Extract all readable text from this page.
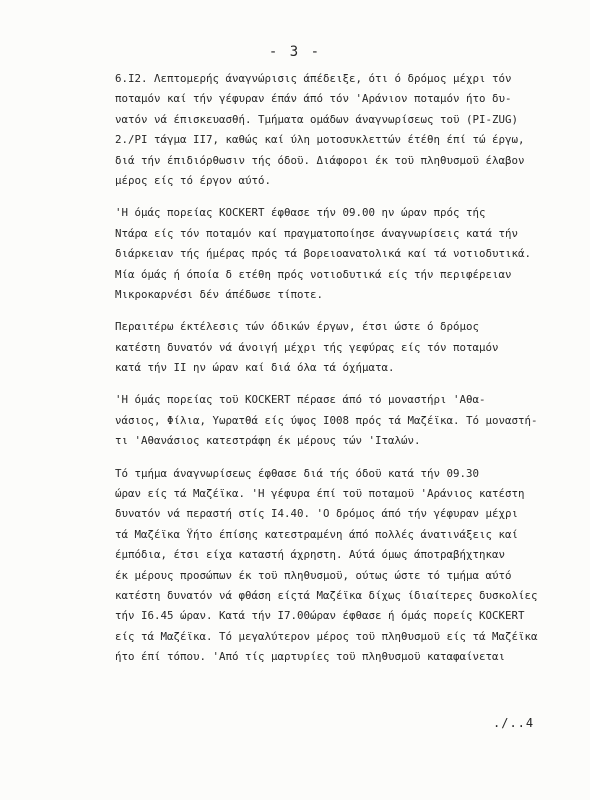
- 3 -
6.I2. Λεπτομερής άναγνώρισις άπέδειξε, ότι ό δρόμος μέχρι τόν
ποταμόν καί τήν γέφυραν έπάν άπό τόν 'Αράνιον ποταμόν ήτο δυ-
νατόν νά έπισκευασθή. Τμήματα ομάδων άναγνωρίσεως τοϋ (PI-ZUG)
2./PI τάγμα II7, καθώς καί ύλη μοτοσυκλεττών έτέθη έπί τώ έργω,
διά τήν έπιδιόρθωσιν τής όδοϋ. Διάφοροι έκ τοϋ πληθυσμοϋ έλαβον
μέρος είς τό έργον αύτό.
'Η όμάς πορείας KOCKERT έφθασε τήν 09.00 ην ώραν πρός τής
Ντάρα είς τόν ποταμόν καί πραγματοποίησε άναγνωρίσεις κατά τήν
διάρκειαν τής ήμέρας πρός τά βορειοανατολικά καί τά νοτιοδυτικά.
Μία όμάς ή όποία δ ετέθη πρός νοτιοδυτικά είς τήν περιφέρειαν
Μικροκαρνέσι δέν άπέδωσε τίποτε.
Περαιτέρω έκτέλεσις τών όδικών έργων, έτσι ώστε ό δρόμος
κατέστη δυνατόν νά άνοιγή μέχρι τής γεφύρας είς τόν ποταμόν
κατά τήν II ην ώραν καί διά όλα τά όχήματα.
'Η όμάς πορείας τοϋ KOCKERT πέρασε άπό τό μοναστήρι 'Αθα-
νάσιος, Φίλια, Υωρατθά είς ύψος I008 πρός τά Μαζέϊκα. Τό μοναστή-
τι 'Αθανάσιος κατεστράφη έκ μέρους τών 'Ιταλών.
Τό τμήμα άναγνωρίσεως έφθασε διά τής όδοϋ κατά τήν 09.30
ώραν είς τά Μαζέϊκα. 'Η γέφυρα έπί τοϋ ποταμοϋ 'Αράνιος κατέστη
δυνατόν νά περαστή στίς I4.40. 'Ο δρόμος άπό τήν γέφυραν μέχρι
τά Μαζέϊκα Ϋήτο έπίσης κατεστραμένη άπό πολλές άνατινάξεις καί
έμπόδια, έτσι είχα καταστή άχρηστη. Αύτά όμως άποτραβήχτηκαν
έκ μέρους προσώπων έκ τοϋ πληθυσμοϋ, ούτως ώστε τό τμήμα αύτό
κατέστη δυνατόν νά φθάση είςτά Μαζέϊκα δίχως ίδιαίτερες δυσκολίες
τήν I6.45 ώραν. Κατά τήν I7.00ώραν έφθασε ή όμάς πορείς KOCKERT
είς τά Μαζέϊκα. Τό μεγαλύτερον μέρος τοϋ πληθυσμοϋ είς τά Μαζέϊκα
ήτο έπί τόπου. 'Από τίς μαρτυρίες τοϋ πληθυσμοϋ καταφαίνεται
./..4
